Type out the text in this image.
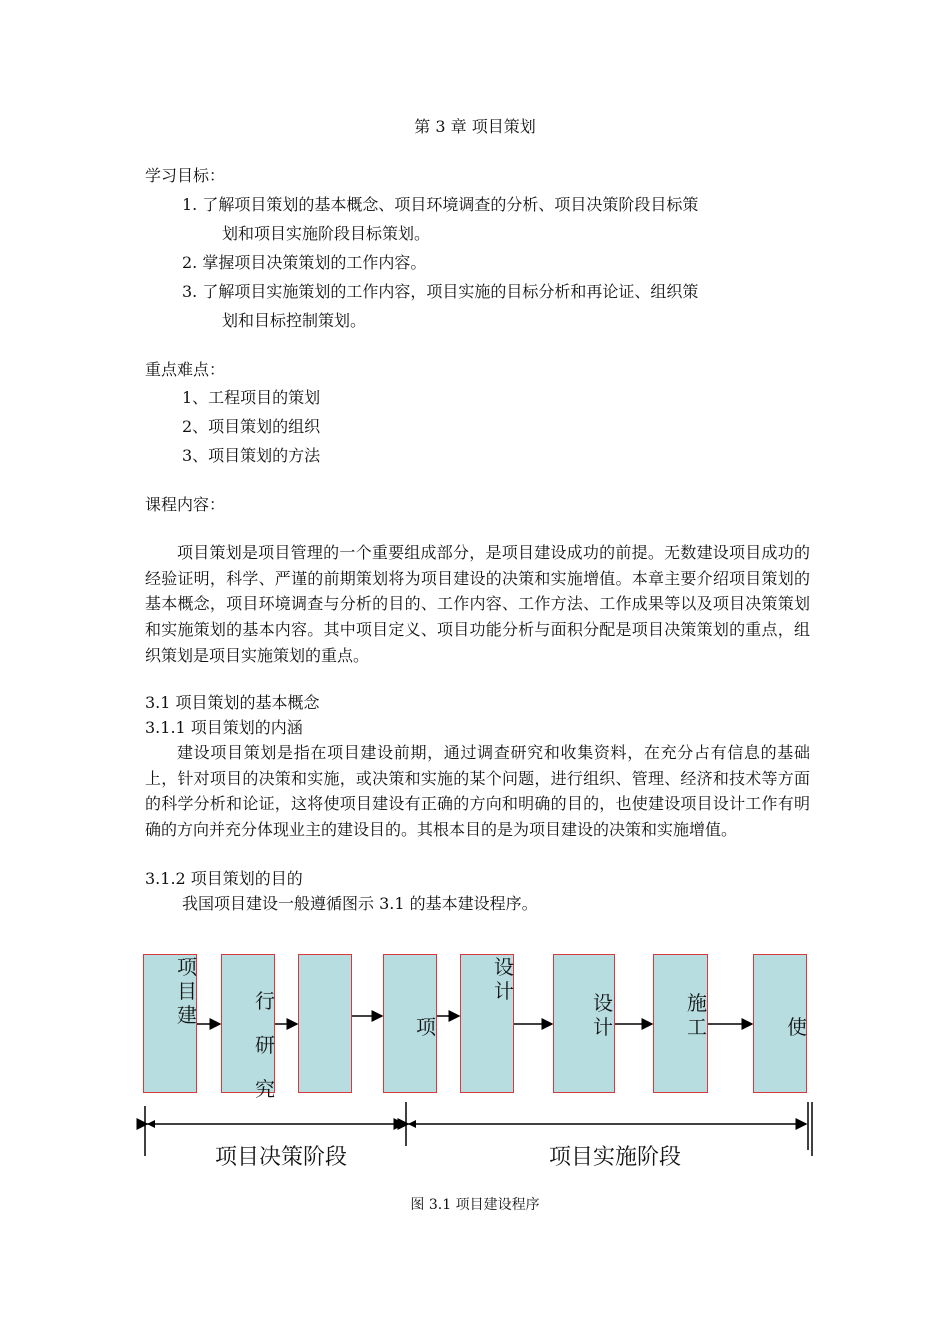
第 3 章 项目策划

学习目标：

1. 了解项目策划的基本概念、项目环境调查的分析、项目决策阶段目标策

划和项目实施阶段目标策划。

2. 掌握项目决策策划的工作内容。

3. 了解项目实施策划的工作内容，项目实施的目标分析和再论证、组织策

划和目标控制策划。

重点难点：

1、工程项目的策划

2、项目策划的组织

3、项目策划的方法

课程内容：

项目策划是项目管理的一个重要组成部分，是项目建设成功的前提。无数建设项目成功的经验证明，科学、严谨的前期策划将为项目建设的决策和实施增值。本章主要介绍项目策划的基本概念，项目环境调查与分析的目的、工作内容、工作方法、工作成果等以及项目决策策划和实施策划的基本内容。其中项目定义、项目功能分析与面积分配是项目决策策划的重点，组织策划是项目实施策划的重点。

3.1 项目策划的基本概念

3.1.1 项目策划的内涵

建设项目策划是指在项目建设前期，通过调查研究和收集资料，在充分占有信息的基础上，针对项目的决策和实施，或决策和实施的某个问题，进行组织、管理、经济和技术等方面的科学分析和论证，这将使项目建设有正确的方向和明确的目的，也使建设项目设计工作有明确的方向并充分体现业主的建设目的。其根本目的是为项目建设的决策和实施增值。

3.1.2 项目策划的目的

我国项目建设一般遵循图示 3.1 的基本建设程序。

项目建
行 研究
项
设计	设计
施工	使
项目决策阶段	项目实施阶段

图 3.1 项目建设程序
